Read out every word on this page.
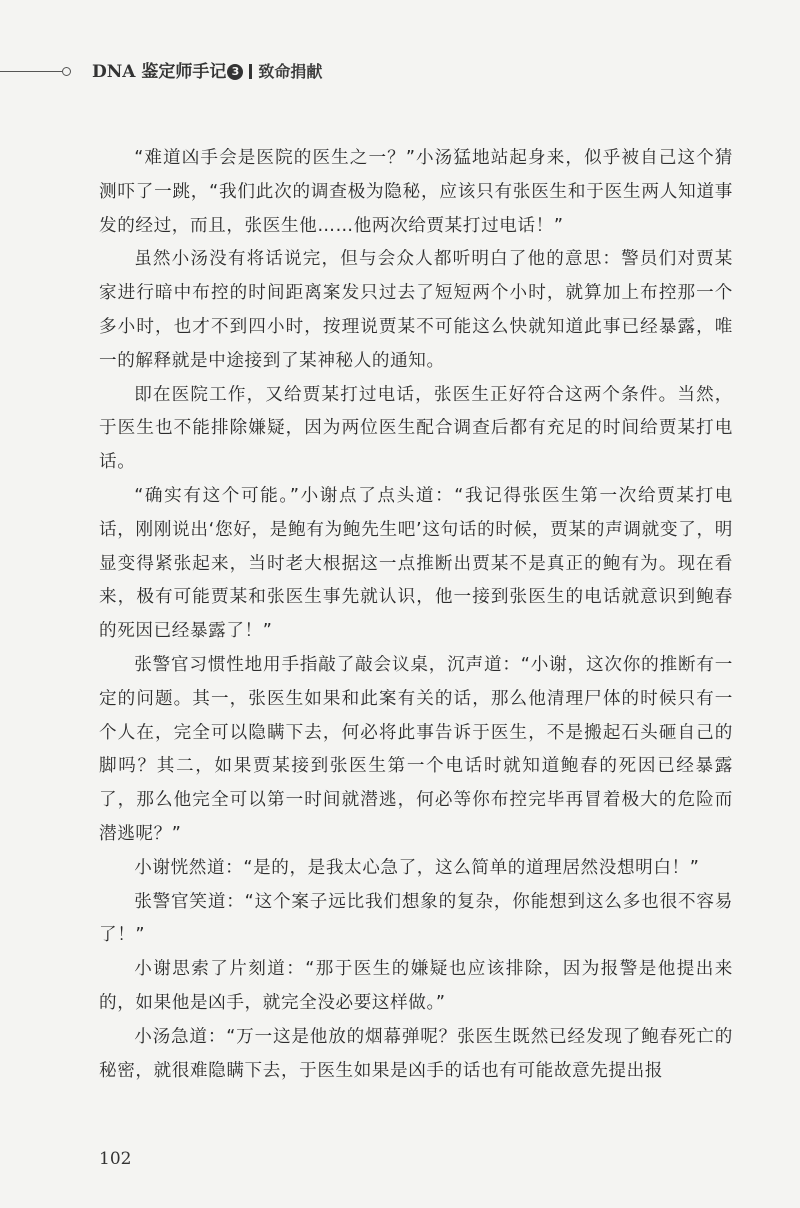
DNA 鉴定师手记 3 致命捐献

“难道凶手会是医院的医生之一？”小汤猛地站起身来，似乎被自己这个猜测吓了一跳，“我们此次的调查极为隐秘，应该只有张医生和于医生两人知道事发的经过，而且，张医生他……他两次给贾某打过电话！”

虽然小汤没有将话说完，但与会众人都听明白了他的意思：警员们对贾某家进行暗中布控的时间距离案发只过去了短短两个小时，就算加上布控那一个多小时，也才不到四小时，按理说贾某不可能这么快就知道此事已经暴露，唯一的解释就是中途接到了某神秘人的通知。

即在医院工作，又给贾某打过电话，张医生正好符合这两个条件。当然，于医生也不能排除嫌疑，因为两位医生配合调查后都有充足的时间给贾某打电话。

“确实有这个可能。”小谢点了点头道：“我记得张医生第一次给贾某打电话，刚刚说出‘您好，是鲍有为鲍先生吧’这句话的时候，贾某的声调就变了，明显变得紧张起来，当时老大根据这一点推断出贾某不是真正的鲍有为。现在看来，极有可能贾某和张医生事先就认识，他一接到张医生的电话就意识到鲍春的死因已经暴露了！”

张警官习惯性地用手指敲了敲会议桌，沉声道：“小谢，这次你的推断有一定的问题。其一，张医生如果和此案有关的话，那么他清理尸体的时候只有一个人在，完全可以隐瞒下去，何必将此事告诉于医生，不是搬起石头砸自己的脚吗？其二，如果贾某接到张医生第一个电话时就知道鲍春的死因已经暴露了，那么他完全可以第一时间就潜逃，何必等你布控完毕再冒着极大的危险而潜逃呢？”

小谢恍然道：“是的，是我太心急了，这么简单的道理居然没想明白！”

张警官笑道：“这个案子远比我们想象的复杂，你能想到这么多也很不容易了！”

小谢思索了片刻道：“那于医生的嫌疑也应该排除，因为报警是他提出来的，如果他是凶手，就完全没必要这样做。”

小汤急道：“万一这是他放的烟幕弹呢？张医生既然已经发现了鲍春死亡的秘密，就很难隐瞒下去，于医生如果是凶手的话也有可能故意先提出报

102
